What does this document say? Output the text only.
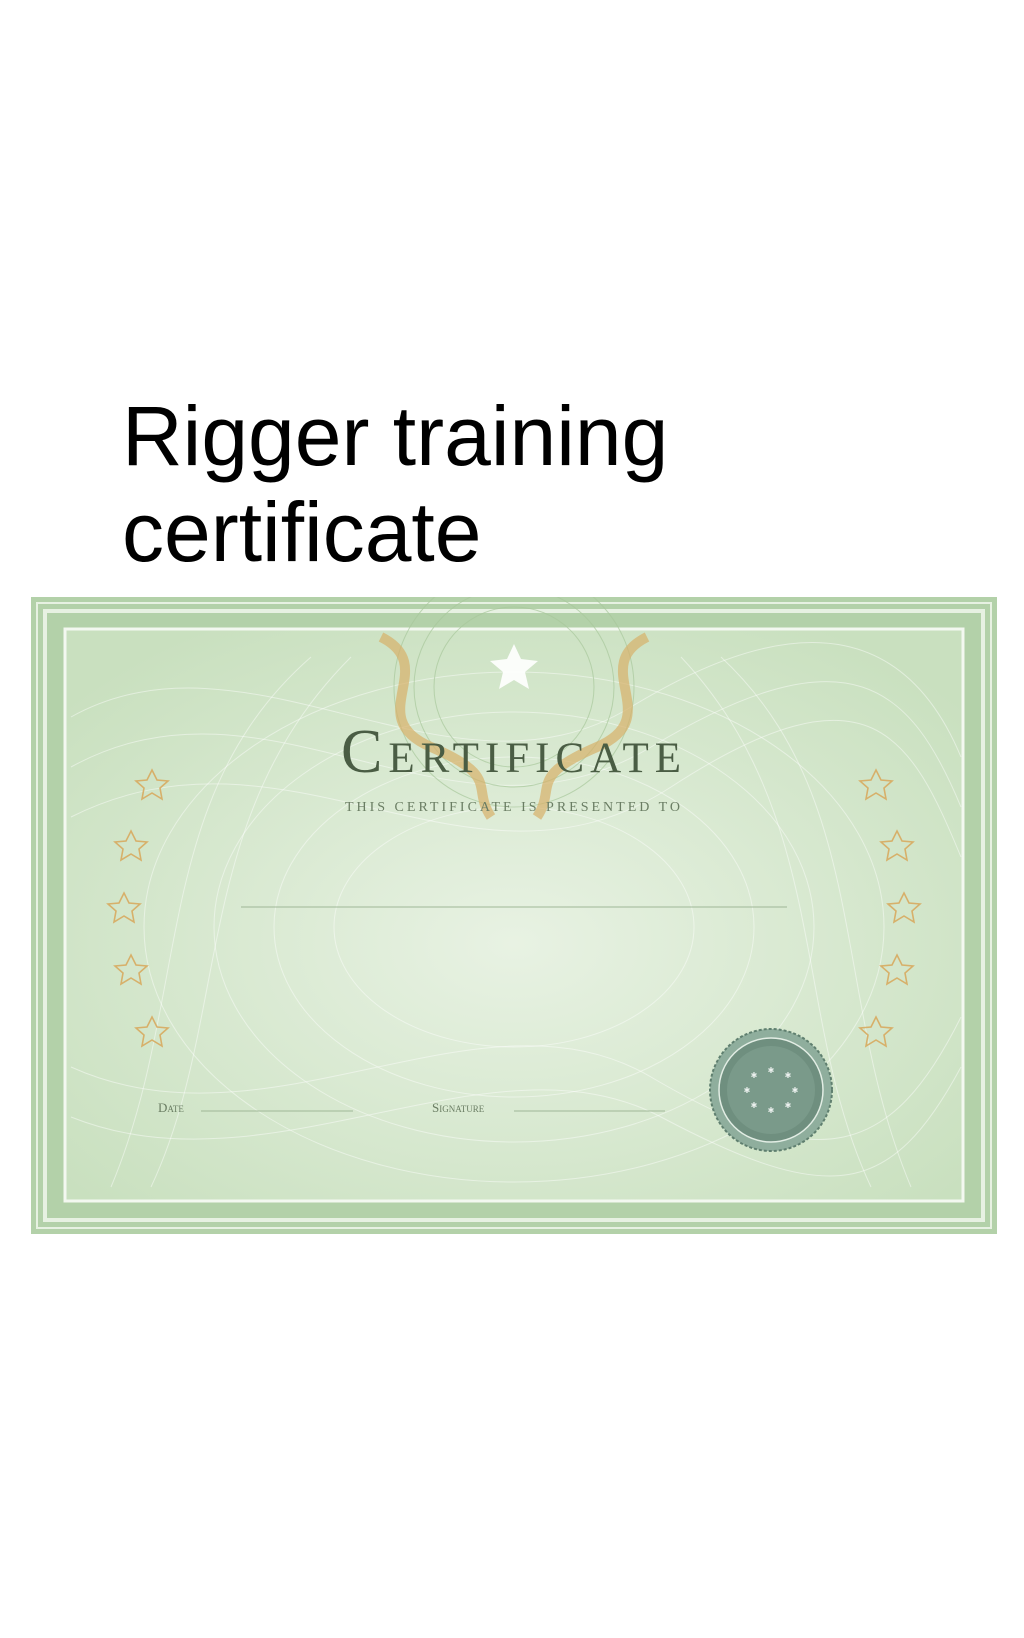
Rigger training certificate
Certificate
THIS CERTIFICATE IS PRESENTED TO
Date	Signature
✱
✱	✱
✱	✱
✱	✱
✱
